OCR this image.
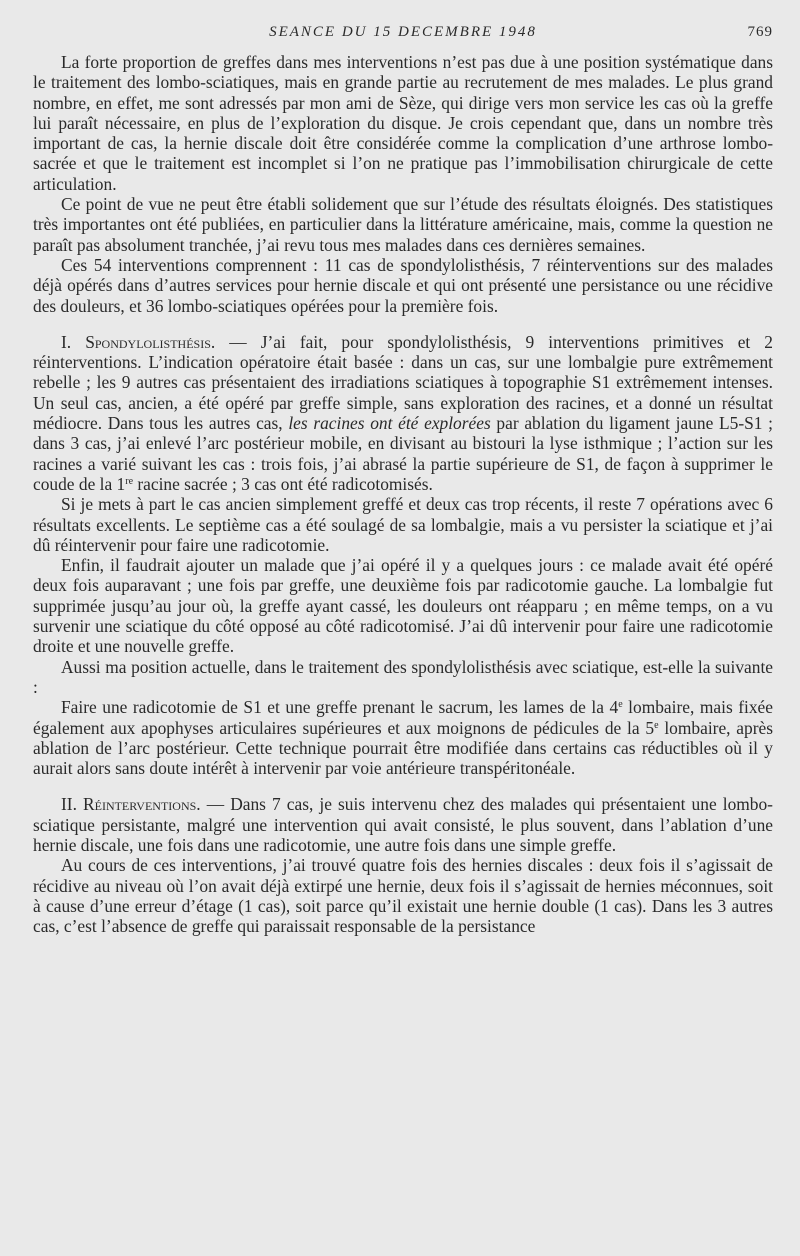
SEANCE DU 15 DECEMBRE 1948	769

La forte proportion de greffes dans mes interventions n’est pas due à une position systématique dans le traitement des lombo-sciatiques, mais en grande partie au recrutement de mes malades. Le plus grand nombre, en effet, me sont adressés par mon ami de Sèze, qui dirige vers mon service les cas où la greffe lui paraît nécessaire, en plus de l’exploration du disque. Je crois cependant que, dans un nombre très important de cas, la hernie discale doit être considérée comme la complication d’une arthrose lombo-sacrée et que le traitement est incomplet si l’on ne pratique pas l’immobilisation chirurgicale de cette articulation.

Ce point de vue ne peut être établi solidement que sur l’étude des résultats éloignés. Des statistiques très importantes ont été publiées, en particulier dans la littérature américaine, mais, comme la question ne paraît pas absolument tranchée, j’ai revu tous mes malades dans ces dernières semaines.

Ces 54 interventions comprennent : 11 cas de spondylolisthésis, 7 réinterventions sur des malades déjà opérés dans d’autres services pour hernie discale et qui ont présenté une persistance ou une récidive des douleurs, et 36 lombo-sciatiques opérées pour la première fois.

I. Spondylolisthésis. — J’ai fait, pour spondylolisthésis, 9 interventions primitives et 2 réinterventions. L’indication opératoire était basée : dans un cas, sur une lombalgie pure extrêmement rebelle ; les 9 autres cas présentaient des irradiations sciatiques à topographie S1 extrêmement intenses. Un seul cas, ancien, a été opéré par greffe simple, sans exploration des racines, et a donné un résultat médiocre. Dans tous les autres cas, les racines ont été explorées par ablation du ligament jaune L5-S1 ; dans 3 cas, j’ai enlevé l’arc postérieur mobile, en divisant au bistouri la lyse isthmique ; l’action sur les racines a varié suivant les cas : trois fois, j’ai abrasé la partie supérieure de S1, de façon à supprimer le coude de la 1re racine sacrée ; 3 cas ont été radicotomisés.

Si je mets à part le cas ancien simplement greffé et deux cas trop récents, il reste 7 opérations avec 6 résultats excellents. Le septième cas a été soulagé de sa lombalgie, mais a vu persister la sciatique et j’ai dû réintervenir pour faire une radicotomie.

Enfin, il faudrait ajouter un malade que j’ai opéré il y a quelques jours : ce malade avait été opéré deux fois auparavant ; une fois par greffe, une deuxième fois par radicotomie gauche. La lombalgie fut supprimée jusqu’au jour où, la greffe ayant cassé, les douleurs ont réapparu ; en même temps, on a vu survenir une sciatique du côté opposé au côté radicotomisé. J’ai dû intervenir pour faire une radicotomie droite et une nouvelle greffe.

Aussi ma position actuelle, dans le traitement des spondylolisthésis avec sciatique, est-elle la suivante :

Faire une radicotomie de S1 et une greffe prenant le sacrum, les lames de la 4e lombaire, mais fixée également aux apophyses articulaires supérieures et aux moignons de pédicules de la 5e lombaire, après ablation de l’arc postérieur. Cette technique pourrait être modifiée dans certains cas réductibles où il y aurait alors sans doute intérêt à intervenir par voie antérieure transpéritonéale.

II. Réinterventions. — Dans 7 cas, je suis intervenu chez des malades qui présentaient une lombo-sciatique persistante, malgré une intervention qui avait consisté, le plus souvent, dans l’ablation d’une hernie discale, une fois dans une radicotomie, une autre fois dans une simple greffe.

Au cours de ces interventions, j’ai trouvé quatre fois des hernies discales : deux fois il s’agissait de récidive au niveau où l’on avait déjà extirpé une hernie, deux fois il s’agissait de hernies méconnues, soit à cause d’une erreur d’étage (1 cas), soit parce qu’il existait une hernie double (1 cas). Dans les 3 autres cas, c’est l’absence de greffe qui paraissait responsable de la persistance
